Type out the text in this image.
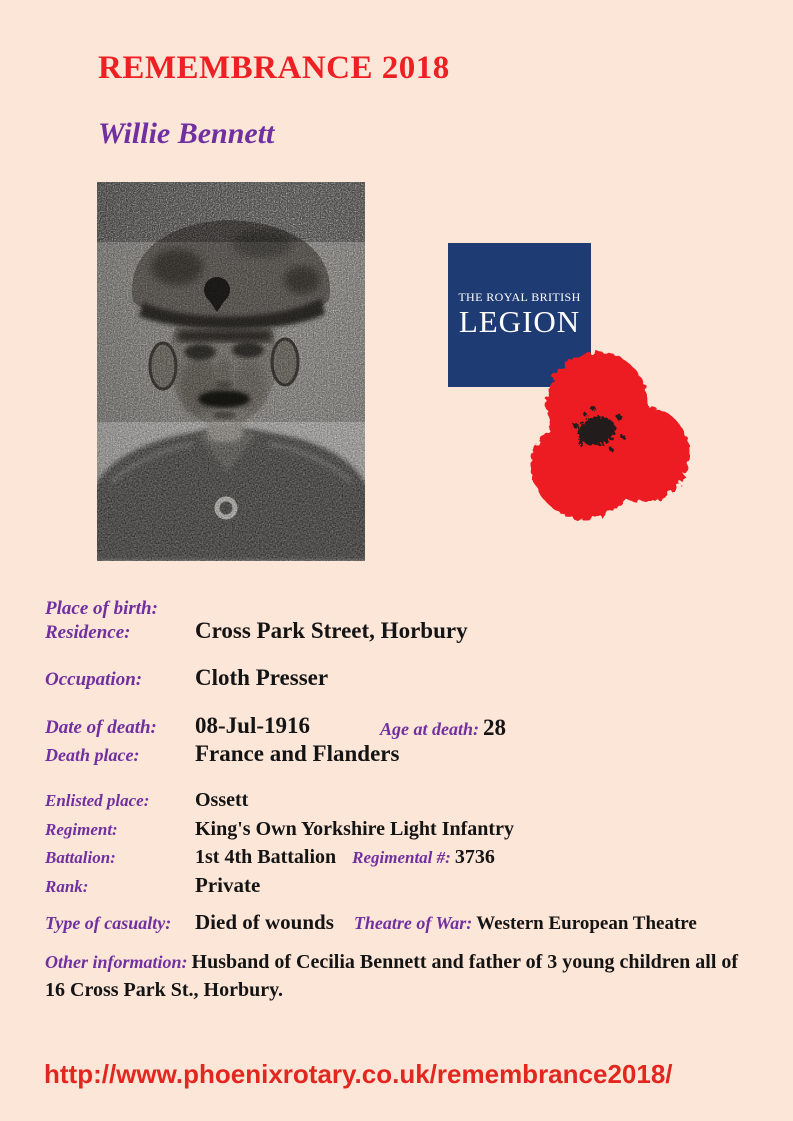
REMEMBRANCE 2018
Willie Bennett
THE ROYAL BRITISH
LEGION
Place of birth:
Residence:	Cross Park Street, Horbury
Occupation: Cloth Presser
Date of death: 08-Jul-1916	Age at death: 28
Death place: France and Flanders
Enlisted place: Ossett
Regiment:	King's Own Yorkshire Light Infantry
Battalion:	1st 4th Battalion Regimental #: 3736
Rank:	Private
Type of casualty: Died of wounds Theatre of War: Western European Theatre
Other information: Husband of Cecilia Bennett and father of 3 young children all of 16 Cross Park St., Horbury.
http://www.phoenixrotary.co.uk/remembrance2018/
